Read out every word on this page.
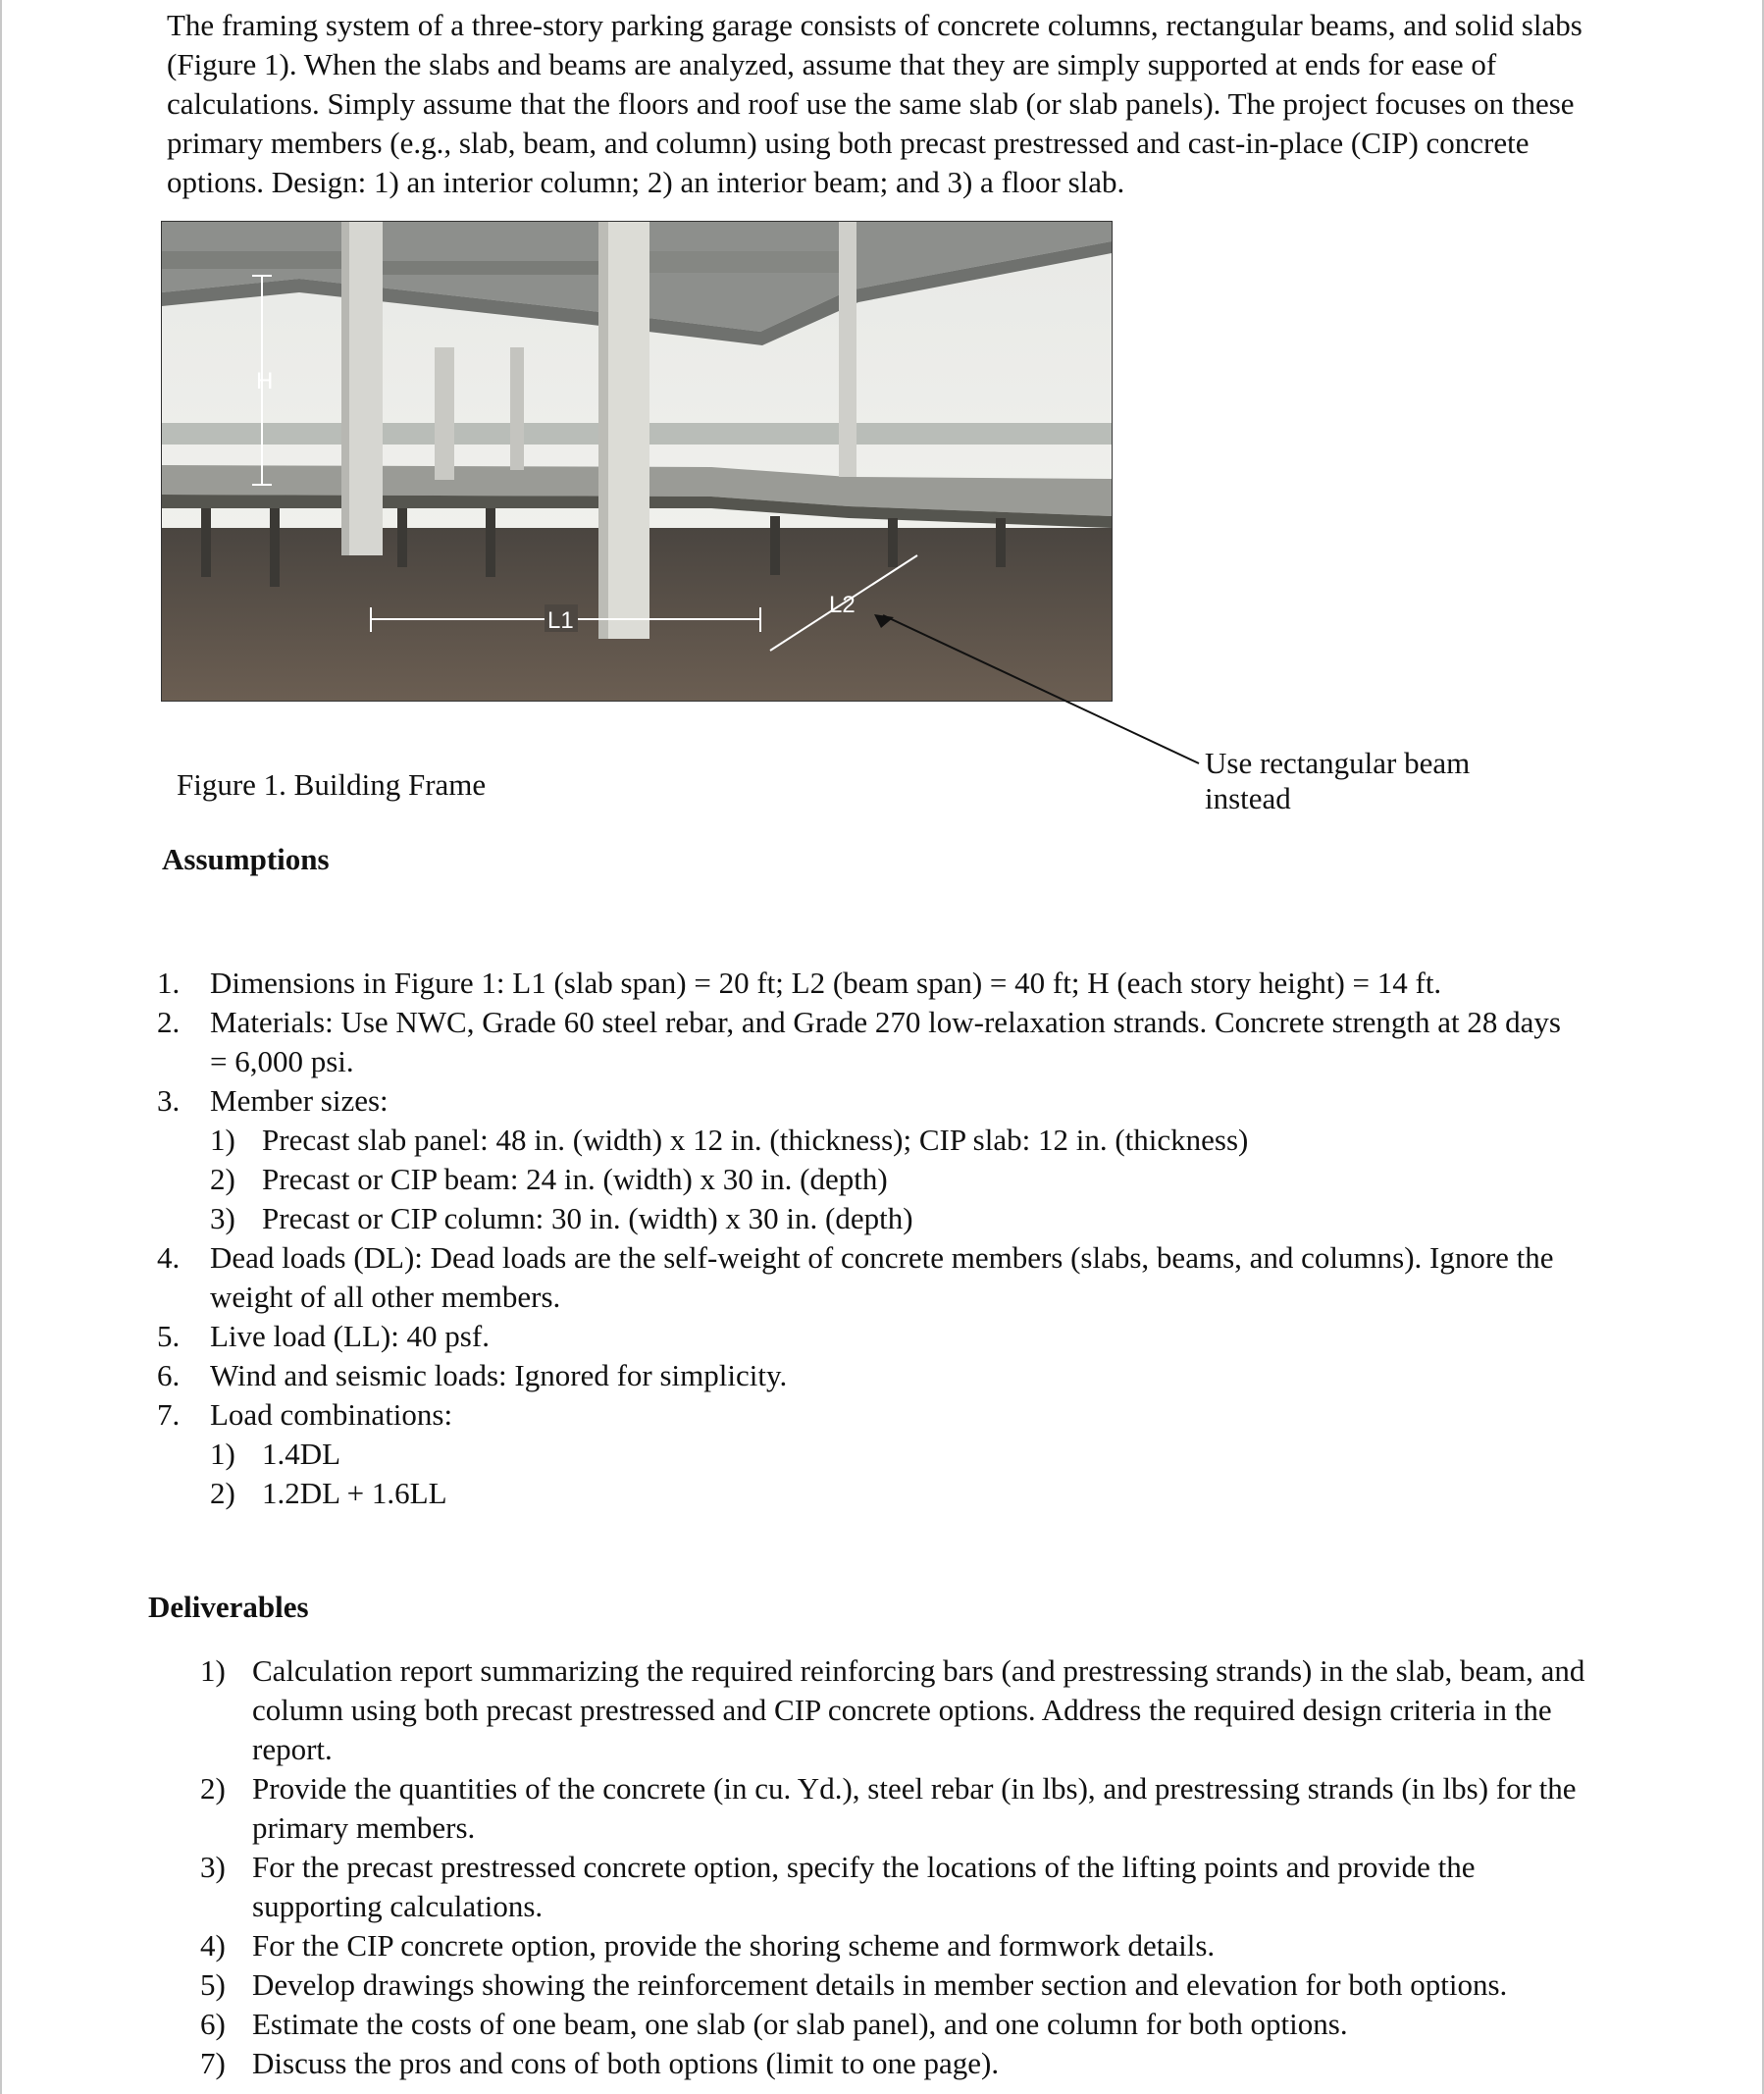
The framing system of a three-story parking garage consists of concrete columns, rectangular beams, and solid slabs (Figure 1). When the slabs and beams are analyzed, assume that they are simply supported at ends for ease of calculations. Simply assume that the floors and roof use the same slab (or slab panels). The project focuses on these primary members (e.g., slab, beam, and column) using both precast prestressed and cast-in-place (CIP) concrete options. Design: 1) an interior column; 2) an interior beam; and 3) a floor slab.

H
L1
L2

Figure 1. Building Frame

Use rectangular beam instead

Assumptions

1. Dimensions in Figure 1: L1 (slab span) = 20 ft; L2 (beam span) = 40 ft; H (each story height) = 14 ft.
2. Materials: Use NWC, Grade 60 steel rebar, and Grade 270 low-relaxation strands. Concrete strength at 28 days = 6,000 psi.
3. Member sizes:
1) Precast slab panel: 48 in. (width) x 12 in. (thickness); CIP slab: 12 in. (thickness)
2) Precast or CIP beam: 24 in. (width) x 30 in. (depth)
3) Precast or CIP column: 30 in. (width) x 30 in. (depth)
4. Dead loads (DL): Dead loads are the self-weight of concrete members (slabs, beams, and columns). Ignore the weight of all other members.
5. Live load (LL): 40 psf.
6. Wind and seismic loads: Ignored for simplicity.
7. Load combinations:
1) 1.4DL
2) 1.2DL + 1.6LL

Deliverables

1) Calculation report summarizing the required reinforcing bars (and prestressing strands) in the slab, beam, and column using both precast prestressed and CIP concrete options. Address the required design criteria in the report.
2) Provide the quantities of the concrete (in cu. Yd.), steel rebar (in lbs), and prestressing strands (in lbs) for the primary members.
3) For the precast prestressed concrete option, specify the locations of the lifting points and provide the supporting calculations.
4) For the CIP concrete option, provide the shoring scheme and formwork details.
5) Develop drawings showing the reinforcement details in member section and elevation for both options.
6) Estimate the costs of one beam, one slab (or slab panel), and one column for both options.
7) Discuss the pros and cons of both options (limit to one page).
